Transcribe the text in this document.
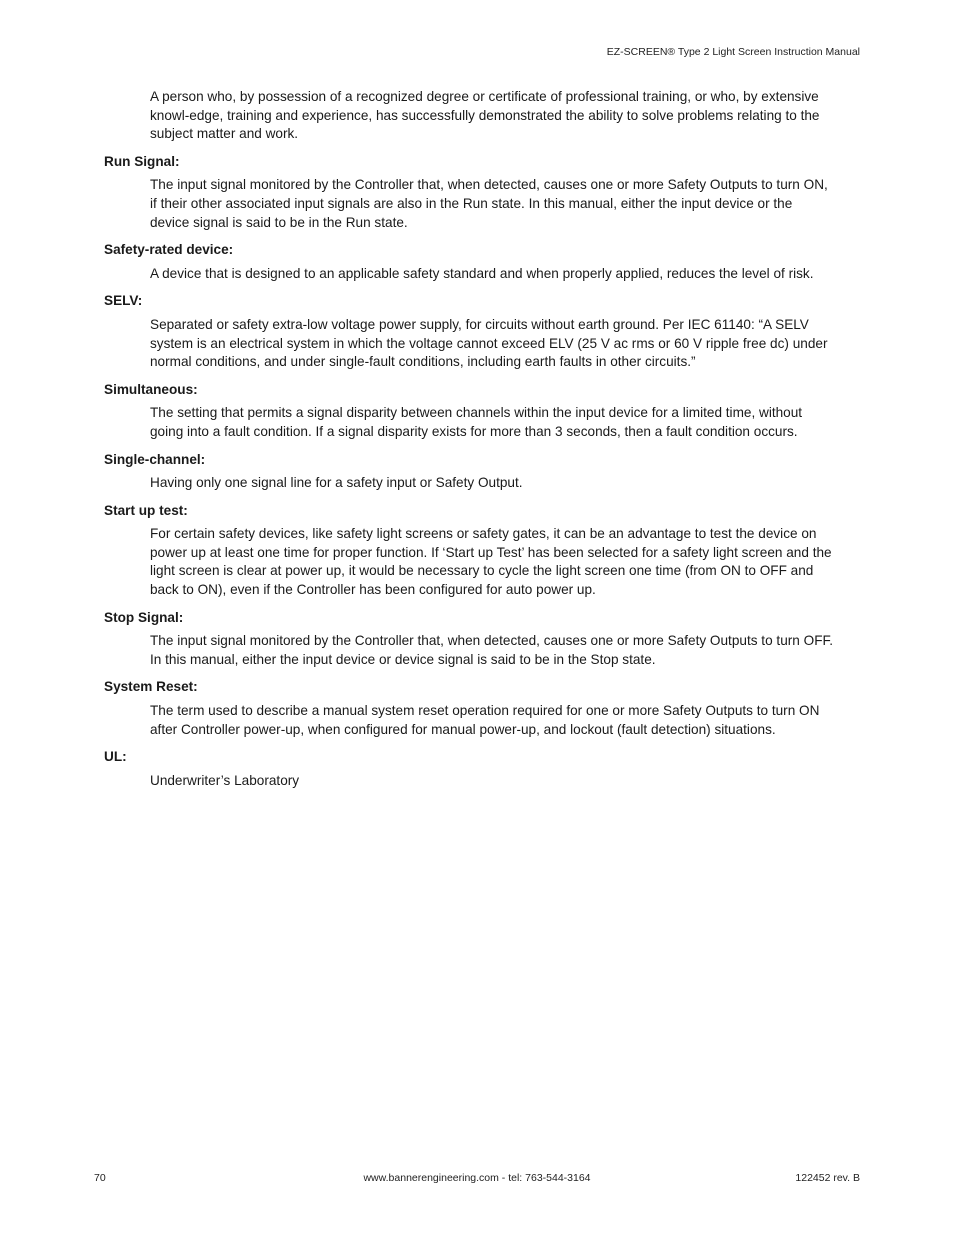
EZ-SCREEN® Type 2 Light Screen Instruction Manual

A person who, by possession of a recognized degree or certificate of professional training, or who, by extensive knowl-edge, training and experience, has successfully demonstrated the ability to solve problems relating to the subject matter and work.

Run Signal:

The input signal monitored by the Controller that, when detected, causes one or more Safety Outputs to turn ON, if their other associated input signals are also in the Run state. In this manual, either the input device or the device signal is said to be in the Run state.

Safety-rated device:

A device that is designed to an applicable safety standard and when properly applied, reduces the level of risk.

SELV:

Separated or safety extra-low voltage power supply, for circuits without earth ground. Per IEC 61140: “A SELV system is an electrical system in which the voltage cannot exceed ELV (25 V ac rms or 60 V ripple free dc) under normal conditions, and under single-fault conditions, including earth faults in other circuits.”

Simultaneous:

The setting that permits a signal disparity between channels within the input device for a limited time, without going into a fault condition. If a signal disparity exists for more than 3 seconds, then a fault condition occurs.

Single-channel:

Having only one signal line for a safety input or Safety Output.

Start up test:

For certain safety devices, like safety light screens or safety gates, it can be an advantage to test the device on power up at least one time for proper function. If ‘Start up Test’ has been selected for a safety light screen and the light screen is clear at power up, it would be necessary to cycle the light screen one time (from ON to OFF and back to ON), even if the Controller has been configured for auto power up.

Stop Signal:

The input signal monitored by the Controller that, when detected, causes one or more Safety Outputs to turn OFF. In this manual, either the input device or device signal is said to be in the Stop state.

System Reset:

The term used to describe a manual system reset operation required for one or more Safety Outputs to turn ON after Controller power-up, when configured for manual power-up, and lockout (fault detection) situations.

UL:

Underwriter’s Laboratory

70	www.bannerengineering.com - tel: 763-544-3164	122452 rev. B
